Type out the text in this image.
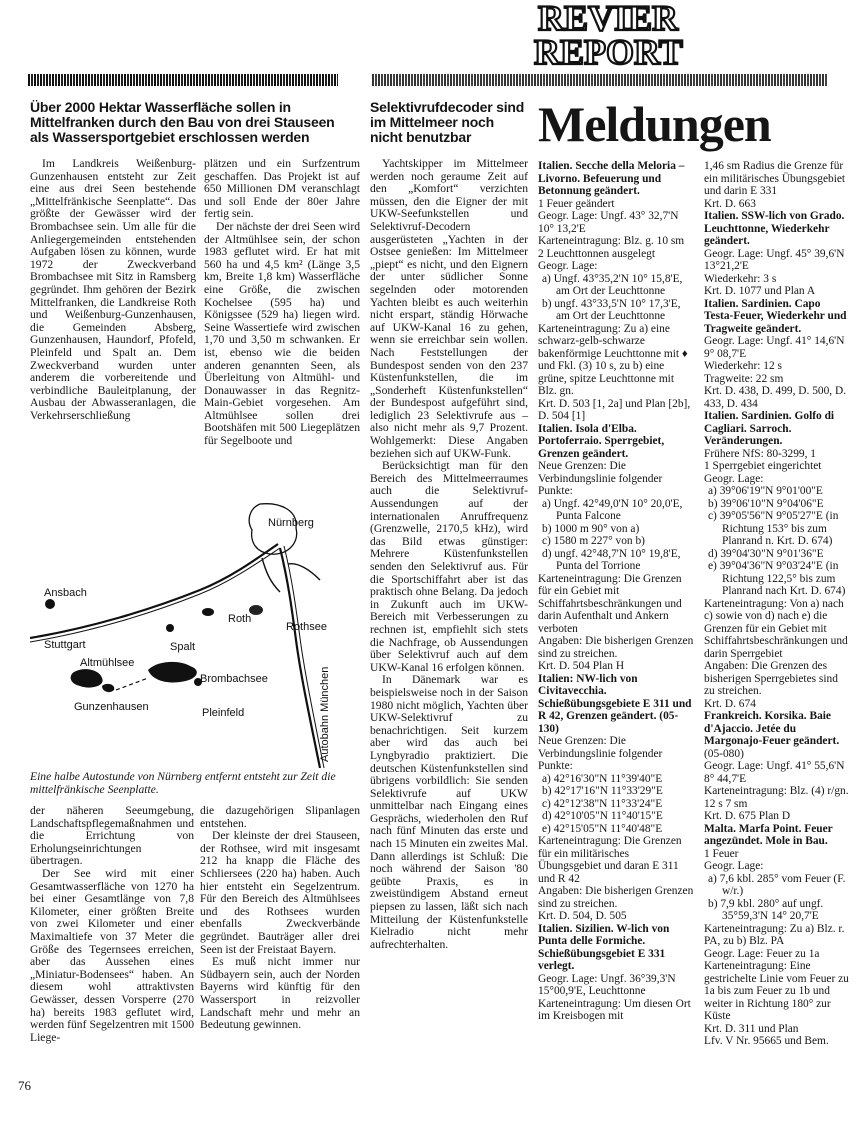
REVIER
REPORT
Über 2000 Hektar Wasserfläche sollen in Mittelfranken durch den Bau von drei Stauseen als Wassersportgebiet erschlossen werden
Selektivrufdecoder sind im Mittelmeer noch nicht benutzbar	Meldungen

Im Landkreis Weißenburg-Gunzenhausen entsteht zur Zeit eine aus drei Seen bestehende „Mittelfränkische Seenplatte“. Das größte der Gewässer wird der Brombachsee sein. Um alle für die Anliegergemeinden entstehenden Aufgaben lösen zu können, wurde 1972 der Zweckverband Brombachsee mit Sitz in Ramsberg gegründet. Ihm gehören der Bezirk Mittelfranken, die Landkreise Roth und Weißenburg-Gunzenhausen, die Gemeinden Absberg, Gunzenhausen, Haundorf, Pfofeld, Pleinfeld und Spalt an. Dem Zweckverband wurden unter anderem die vorbereitende und verbindliche Bauleitplanung, der Ausbau der Abwasseranlagen, die Verkehrserschließung

plätzen und ein Surfzentrum geschaffen. Das Projekt ist auf 650 Millionen DM veranschlagt und soll Ende der 80er Jahre fertig sein.

Der nächste der drei Seen wird der Altmühlsee sein, der schon 1983 geflutet wird. Er hat mit 560 ha und 4,5 km² (Länge 3,5 km, Breite 1,8 km) Wasserfläche eine Größe, die zwischen Kochelsee (595 ha) und Königssee (529 ha) liegen wird. Seine Wassertiefe wird zwischen 1,70 und 3,50 m schwanken. Er ist, ebenso wie die beiden anderen genannten Seen, als Überleitung von Altmühl- und Donauwasser in das Regnitz-Main-Gebiet vorgesehen. Am Altmühlsee sollen drei Bootshäfen mit 500 Liegeplätzen für Segelboote und

Nürnberg
Ansbach
Stuttgart
Roth
Rothsee
Spalt
Altmühlsee
Brombachsee
Gunzenhausen	Pleinfeld	Autobahn München
Eine halbe Autostunde von Nürnberg entfernt entsteht zur Zeit die mittelfränkische Seenplatte.

der näheren Seeumgebung, Landschaftspflegemaßnahmen und die Errichtung von Erholungseinrichtungen übertragen.

Der See wird mit einer Gesamtwasserfläche von 1270 ha bei einer Gesamtlänge von 7,8 Kilometer, einer größten Breite von zwei Kilometer und einer Maximaltiefe von 37 Meter die Größe des Tegernsees erreichen, aber das Aussehen eines „Miniatur-Bodensees“ haben. An diesem wohl attraktivsten Gewässer, dessen Vorsperre (270 ha) bereits 1983 geflutet wird, werden fünf Segelzentren mit 1500 Liege-

die dazugehörigen Slipanlagen entstehen.

Der kleinste der drei Stauseen, der Rothsee, wird mit insgesamt 212 ha knapp die Fläche des Schliersees (220 ha) haben. Auch hier entsteht ein Segelzentrum. Für den Bereich des Altmühlsees und des Rothsees wurden ebenfalls Zweckverbände gegründet. Bauträger aller drei Seen ist der Freistaat Bayern.

Es muß nicht immer nur Südbayern sein, auch der Norden Bayerns wird künftig für den Wassersport in reizvoller Landschaft mehr und mehr an Bedeutung gewinnen.

Yachtskipper im Mittelmeer werden noch geraume Zeit auf den „Komfort“ verzichten müssen, den die Eigner der mit UKW-Seefunkstellen und Selektivruf-Decodern ausgerüsteten „Yachten in der Ostsee genießen: Im Mittelmeer „piept“ es nicht, und den Eignern der unter südlicher Sonne segelnden oder motorenden Yachten bleibt es auch weiterhin nicht erspart, ständig Hörwache auf UKW-Kanal 16 zu gehen, wenn sie erreichbar sein wollen. Nach Feststellungen der Bundespost senden von den 237 Küstenfunkstellen, die im „Sonderheft Küstenfunkstellen“ der Bundespost aufgeführt sind, lediglich 23 Selektivrufe aus – also nicht mehr als 9,7 Prozent. Wohlgemerkt: Diese Angaben beziehen sich auf UKW-Funk.

Berücksichtigt man für den Bereich des Mittelmeerraumes auch die Selektivruf-Aussendungen auf der internationalen Anruffrequenz (Grenzwelle, 2170,5 kHz), wird das Bild etwas günstiger: Mehrere Küstenfunkstellen senden den Selektivruf aus. Für die Sportschiffahrt aber ist das praktisch ohne Belang. Da jedoch in Zukunft auch im UKW-Bereich mit Verbesserungen zu rechnen ist, empfiehlt sich stets die Nachfrage, ob Aussendungen über Selektivruf auch auf dem UKW-Kanal 16 erfolgen können.

In Dänemark war es beispielsweise noch in der Saison 1980 nicht möglich, Yachten über UKW-Selektivruf zu benachrichtigen. Seit kurzem aber wird das auch bei Lyngbyradio praktiziert. Die deutschen Küstenfunkstellen sind übrigens vorbildlich: Sie senden Selektivrufe auf UKW unmittelbar nach Eingang eines Gesprächs, wiederholen den Ruf nach fünf Minuten das erste und nach 15 Minuten ein zweites Mal. Dann allerdings ist Schluß: Die noch während der Saison '80 geübte Praxis, es in zweistündigem Abstand erneut piepsen zu lassen, läßt sich nach Mitteilung der Küstenfunkstelle Kielradio nicht mehr aufrechterhalten.

Italien. Secche della Meloria – Livorno. Befeuerung und Betonnung geändert.
1 Feuer geändert
Geogr. Lage: Ungf. 43° 32,7'N 10° 13,2'E
Karteneintragung: Blz. g. 10 sm
2 Leuchttonnen ausgelegt
Geogr. Lage:
a) Ungf. 43°35,2'N 10° 15,8'E, am Ort der Leuchttonne
b) ungf. 43°33,5'N 10° 17,3'E, am Ort der Leuchttonne
Karteneintragung: Zu a) eine schwarz-gelb-schwarze bakenförmige Leuchttonne mit ♦ und Fkl. (3) 10 s, zu b) eine grüne, spitze Leuchttonne mit Blz. gn.
Krt. D. 503 [1, 2a] und Plan [2b], D. 504 [1]
Italien. Isola d'Elba. Portoferraio. Sperrgebiet, Grenzen geändert.
Neue Grenzen: Die Verbindungslinie folgender Punkte:
a) Ungf. 42°49,0'N 10° 20,0'E, Punta Falcone
b) 1000 m 90° von a)
c) 1580 m 227° von b)
d) ungf. 42°48,7'N 10° 19,8'E, Punta del Torrione
Karteneintragung: Die Grenzen für ein Gebiet mit Schiffahrtsbeschränkungen und darin Aufenthalt und Ankern verboten
Angaben: Die bisherigen Grenzen sind zu streichen.
Krt. D. 504 Plan H
Italien: NW-lich von Civitavecchia. Schießübungsgebiete E 311 und R 42, Grenzen geändert. (05-130)
Neue Grenzen: Die Verbindungslinie folgender Punkte:
a) 42°16'30"N 11°39'40"E
b) 42°17'16"N 11°33'29"E
c) 42°12'38"N 11°33'24"E
d) 42°10'05"N 11°40'15"E
e) 42°15'05"N 11°40'48"E
Karteneintragung: Die Grenzen für ein militärisches Übungsgebiet und daran E 311 und R 42
Angaben: Die bisherigen Grenzen sind zu streichen.
Krt. D. 504, D. 505
Italien. Sizilien. W-lich von Punta delle Formiche. Schießübungsgebiet E 331 verlegt.
Geogr. Lage: Ungf. 36°39,3'N 15°00,9'E, Leuchttonne
Karteneintragung: Um diesen Ort im Kreisbogen mit
1,46 sm Radius die Grenze für ein militärisches Übungsgebiet und darin E 331
Krt. D. 663
Italien. SSW-lich von Grado. Leuchttonne, Wiederkehr geändert.
Geogr. Lage: Ungf. 45° 39,6'N 13°21,2'E
Wiederkehr: 3 s
Krt. D. 1077 und Plan A
Italien. Sardinien. Capo Testa-Feuer, Wiederkehr und Tragweite geändert.
Geogr. Lage: Ungf. 41° 14,6'N 9° 08,7'E
Wiederkehr: 12 s
Tragweite: 22 sm
Krt. D. 438, D. 499, D. 500, D. 433, D. 434
Italien. Sardinien. Golfo di Cagliari. Sarroch. Veränderungen.
Frühere NfS: 80-3299, 1
1 Sperrgebiet eingerichtet
Geogr. Lage:
a) 39°06'19"N 9°01'00"E
b) 39°06'10"N 9°04'06"E
c) 39°05'56"N 9°05'27"E (in Richtung 153° bis zum Planrand n. Krt. D. 674)
d) 39°04'30"N 9°01'36"E
e) 39°04'36"N 9°03'24"E (in Richtung 122,5° bis zum Planrand nach Krt. D. 674)
Karteneintragung: Von a) nach c) sowie von d) nach e) die Grenzen für ein Gebiet mit Schiffahrtsbeschränkungen und darin Sperrgebiet
Angaben: Die Grenzen des bisherigen Sperrgebietes sind zu streichen.
Krt. D. 674
Frankreich. Korsika. Baie d'Ajaccio. Jetée du Margonajo-Feuer geändert.
(05-080)
Geogr. Lage: Ungf. 41° 55,6'N 8° 44,7'E
Karteneintragung: Blz. (4) r/gn. 12 s 7 sm
Krt. D. 675 Plan D
Malta. Marfa Point. Feuer angezündet. Mole in Bau.
1 Feuer
Geogr. Lage:
a) 7,6 kbl. 285° vom Feuer (F. w/r.)
b) 7,9 kbl. 280° auf ungf. 35°59,3'N 14° 20,7'E
Karteneintragung: Zu a) Blz. r. PA, zu b) Blz. PA
Geogr. Lage: Feuer zu 1a
Karteneintragung: Eine gestrichelte Linie vom Feuer zu 1a bis zum Feuer zu 1b und weiter in Richtung 180° zur Küste
Krt. D. 311 und Plan
Lfv. V Nr. 95665 und Bem.
76
